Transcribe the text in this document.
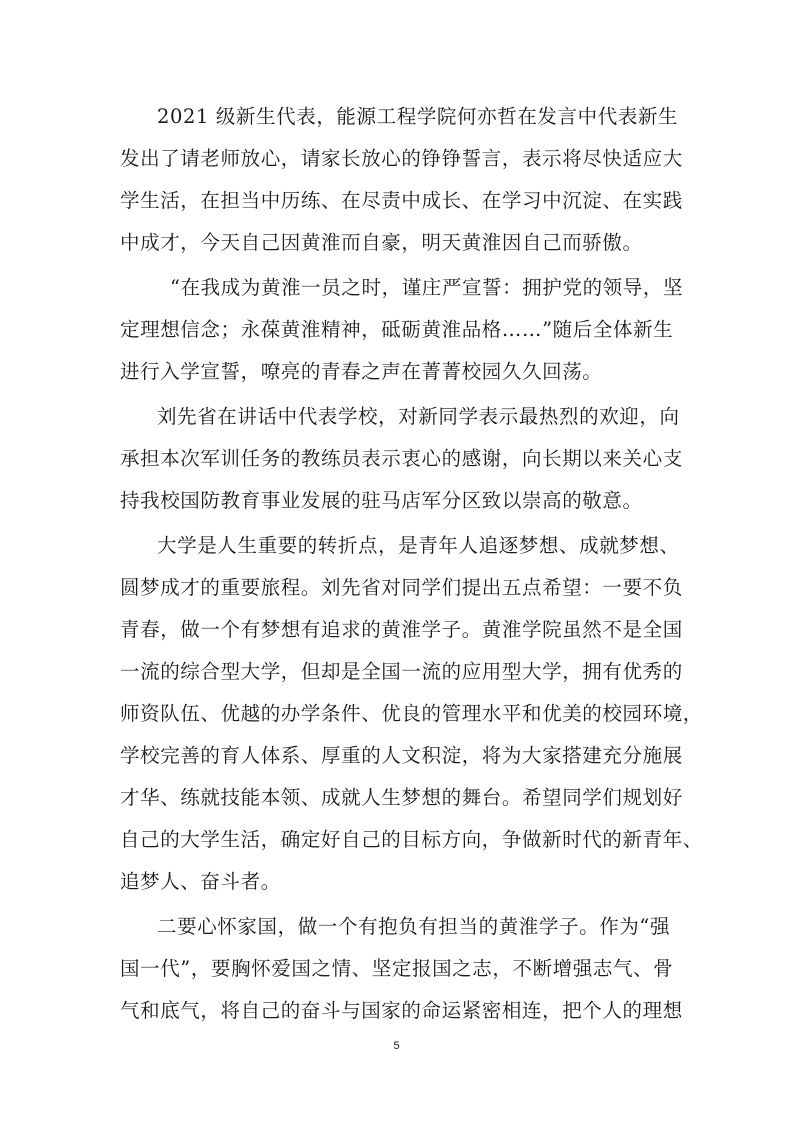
2021 级新生代表，能源工程学院何亦哲在发言中代表新生
发出了请老师放心，请家长放心的铮铮誓言，表示将尽快适应大
学生活，在担当中历练、在尽责中成长、在学习中沉淀、在实践
中成才，今天自己因黄淮而自豪，明天黄淮因自己而骄傲。

“在我成为黄淮一员之时，谨庄严宣誓：拥护党的领导，坚
定理想信念；永葆黄淮精神，砥砺黄淮品格……”随后全体新生
进行入学宣誓，嘹亮的青春之声在菁菁校园久久回荡。

刘先省在讲话中代表学校，对新同学表示最热烈的欢迎，向
承担本次军训任务的教练员表示衷心的感谢，向长期以来关心支
持我校国防教育事业发展的驻马店军分区致以崇高的敬意。

大学是人生重要的转折点，是青年人追逐梦想、成就梦想、
圆梦成才的重要旅程。刘先省对同学们提出五点希望：一要不负
青春，做一个有梦想有追求的黄淮学子。黄淮学院虽然不是全国
一流的综合型大学，但却是全国一流的应用型大学，拥有优秀的
师资队伍、优越的办学条件、优良的管理水平和优美的校园环境，
学校完善的育人体系、厚重的人文积淀，将为大家搭建充分施展
才华、练就技能本领、成就人生梦想的舞台。希望同学们规划好
自己的大学生活，确定好自己的目标方向，争做新时代的新青年、
追梦人、奋斗者。

二要心怀家国，做一个有抱负有担当的黄淮学子。作为“强
国一代”，要胸怀爱国之情、坚定报国之志，不断增强志气、骨
气和底气，将自己的奋斗与国家的命运紧密相连，把个人的理想

5
